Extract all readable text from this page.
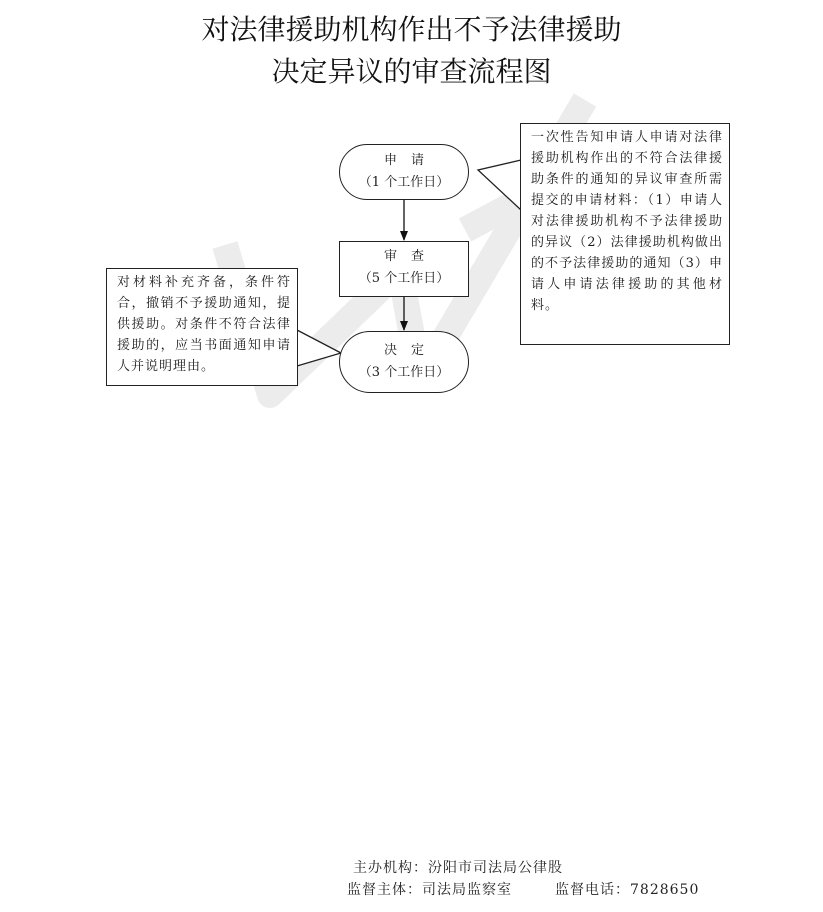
对法律援助机构作出不予法律援助
决定异议的审查流程图
申请
（1 个工作日）
审查
（5 个工作日）
决定
（3 个工作日）
一次性告知申请人申请对法律援助机构作出的不符合法律援助条件的通知的异议审查所需提交的申请材料：（1）申请人对法律援助机构不予法律援助的异议（2）法律援助机构做出的不予法律援助的通知（3）申请人申请法律援助的其他材料。
对材料补充齐备，条件符合，撤销不予援助通知，提供援助。对条件不符合法律援助的，应当书面通知申请人并说明理由。
主办机构：汾阳市司法局公律股
监督主体：司法局监察室	监督电话：7828650
